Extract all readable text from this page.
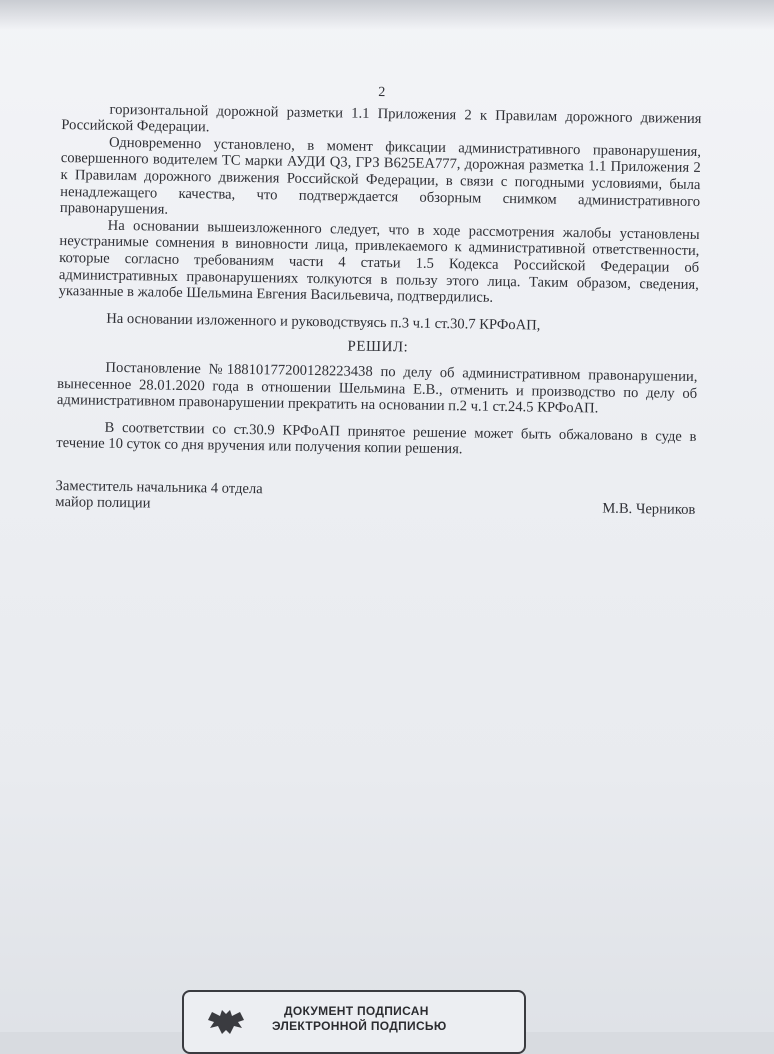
2

горизонтальной дорожной разметки 1.1 Приложения 2 к Правилам дорожного движения Российской Федерации.

Одновременно установлено, в момент фиксации административного правонарушения, совершенного водителем ТС марки АУДИ Q3, ГРЗ В625ЕА777, дорожная разметка 1.1 Приложения 2 к Правилам дорожного движения Российской Федерации, в связи с погодными условиями, была ненадлежащего качества, что подтверждается обзорным снимком административного правонарушения.

На основании вышеизложенного следует, что в ходе рассмотрения жалобы установлены неустранимые сомнения в виновности лица, привлекаемого к административной ответственности, которые согласно требованиям части 4 статьи 1.5 Кодекса Российской Федерации об административных правонарушениях толкуются в пользу этого лица. Таким образом, сведения, указанные в жалобе Шельмина Евгения Васильевича, подтвердились.

На основании изложенного и руководствуясь п.3 ч.1 ст.30.7 КРФоАП,

РЕШИЛ:

Постановление №18810177200128223438 по делу об административном правонарушении, вынесенное 28.01.2020 года в отношении Шельмина Е.В., отменить и производство по делу об административном правонарушении прекратить на основании п.2 ч.1 ст.24.5 КРФоАП.

В соответствии со ст.30.9 КРФоАП принятое решение может быть обжаловано в суде в течение 10 суток со дня вручения или получения копии решения.

Заместитель начальника 4 отдела
майор полиции	М.В. Черников
ДОКУМЕНТ ПОДПИСАН
ЭЛЕКТРОННОЙ ПОДПИСЬЮ
